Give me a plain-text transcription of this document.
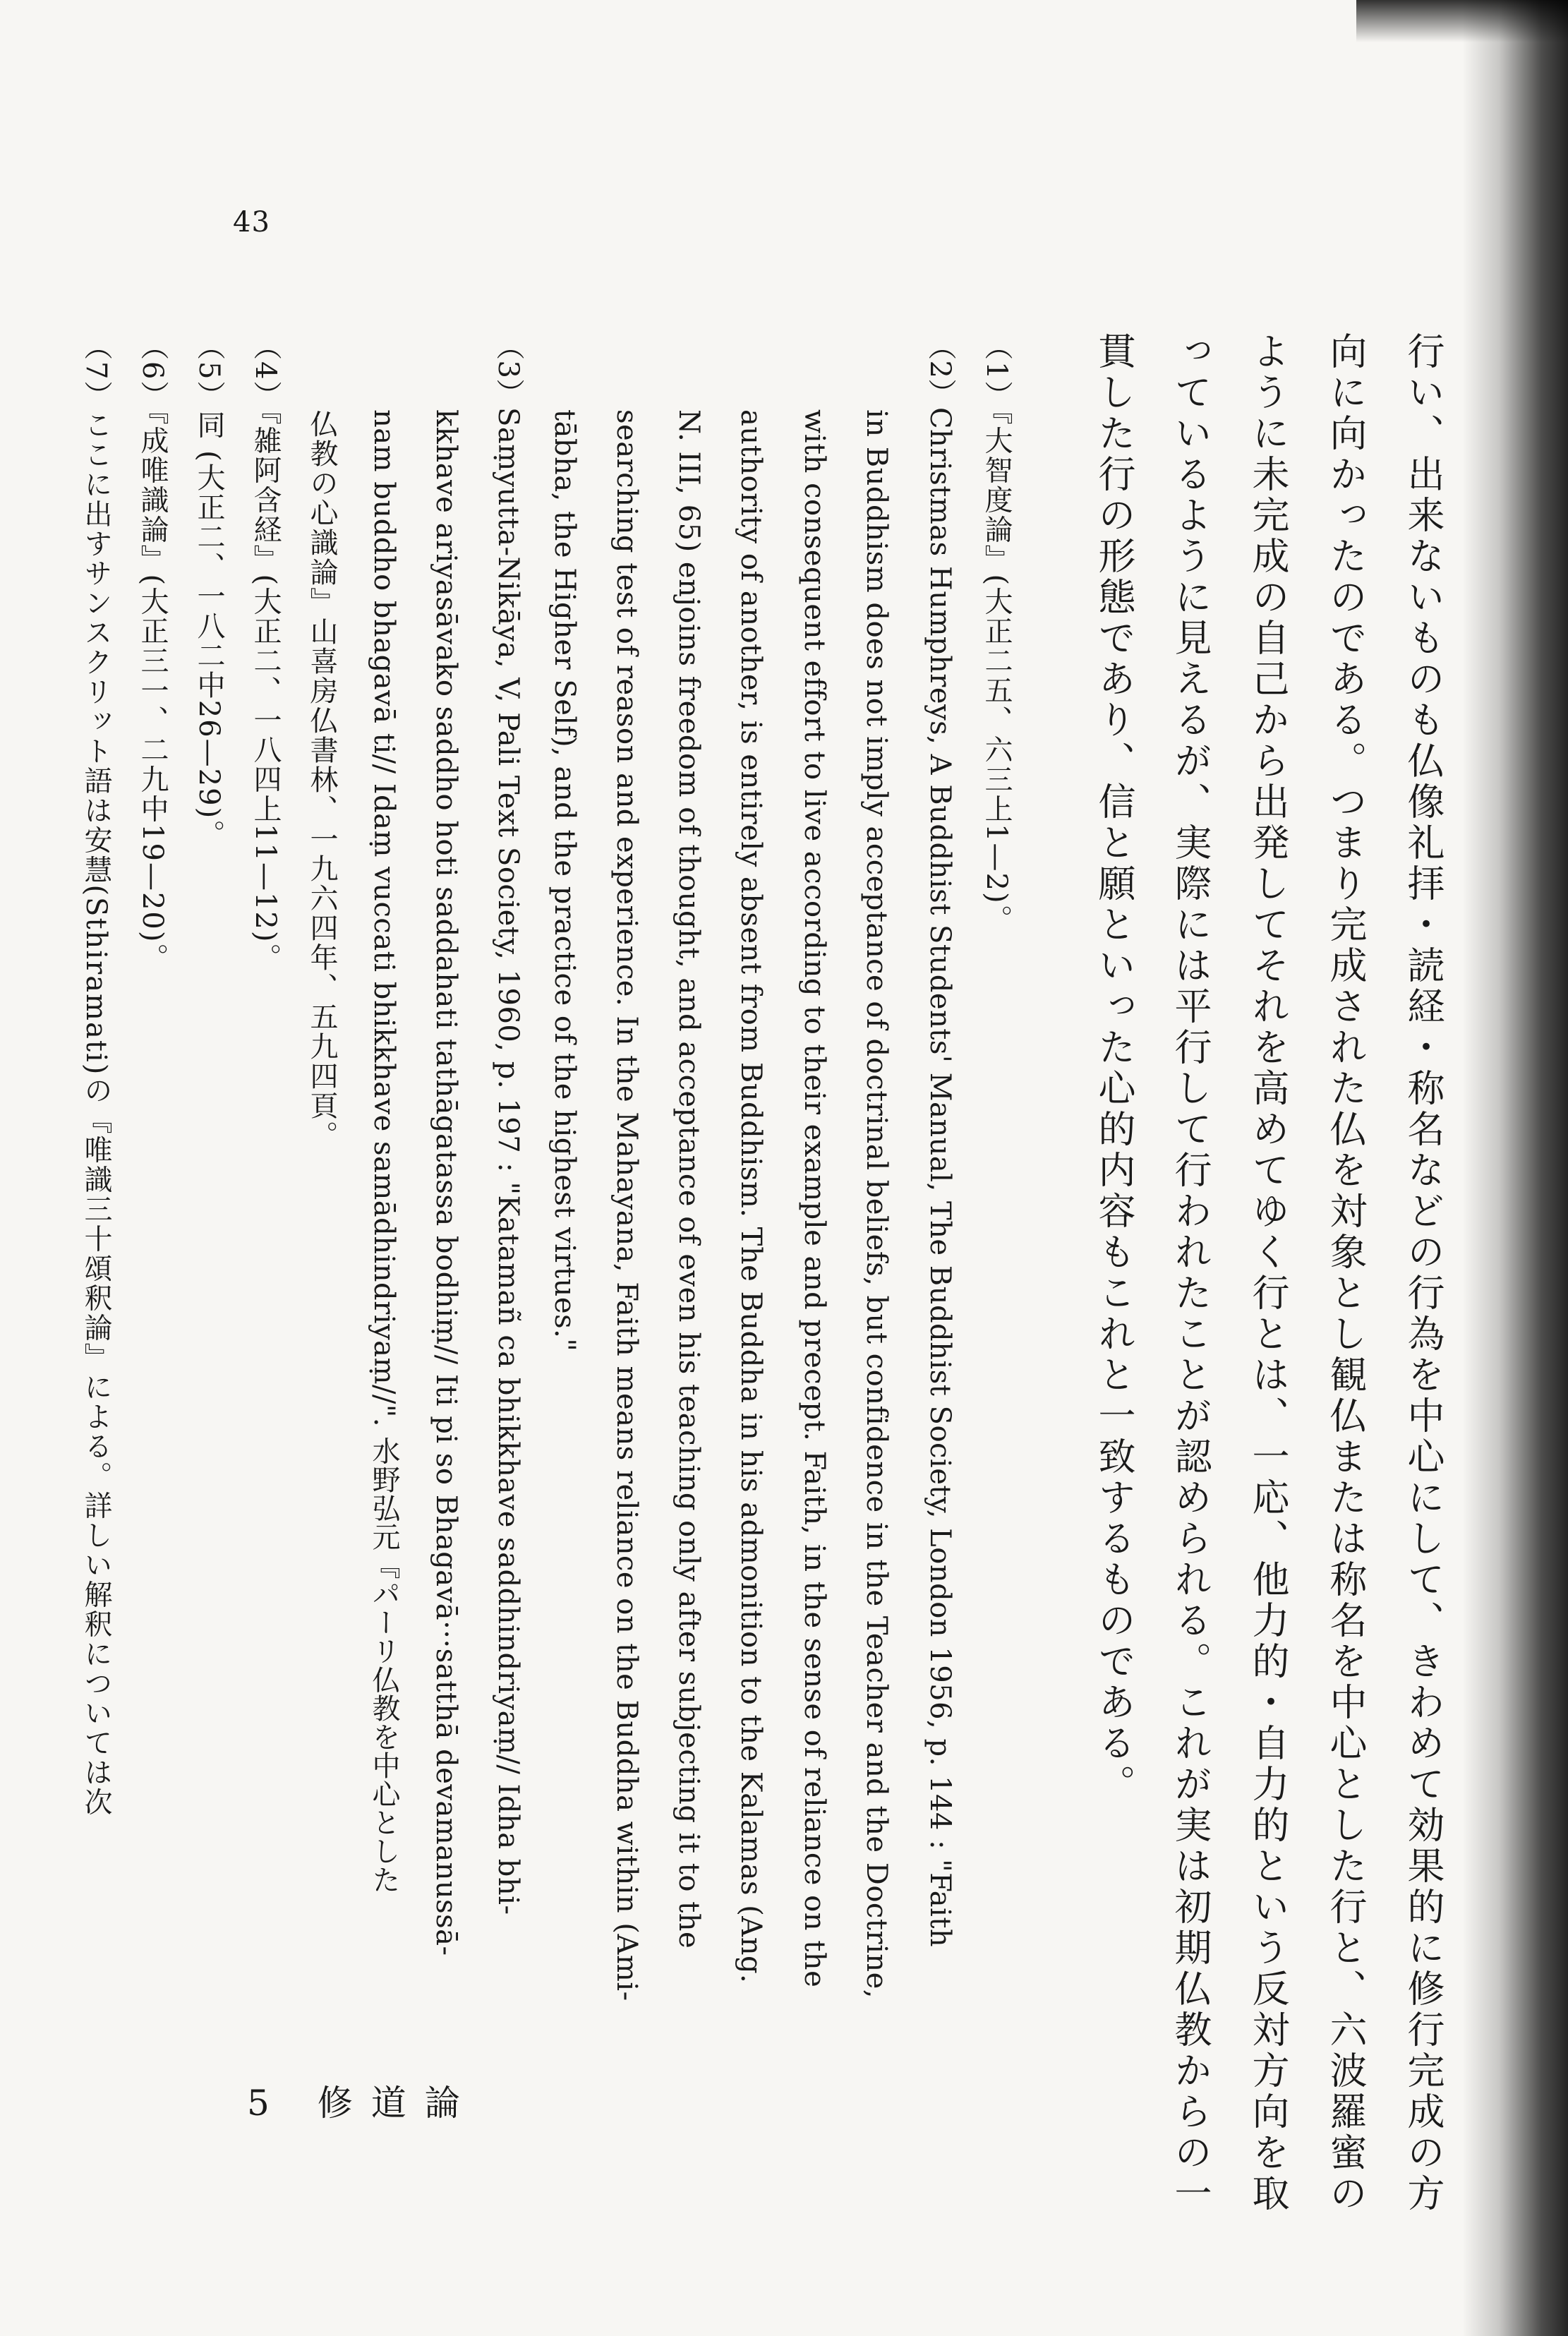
43
行い、出来ないものも仏像礼拝・読経・称名などの行為を中心にして、きわめて効果的に修行完成の方
向に向かったのである。つまり完成された仏を対象とし観仏または称名を中心とした行と、六波羅蜜の
ように未完成の自己から出発してそれを高めてゆく行とは、一応、他力的・自力的という反対方向を取
っているように見えるが、実際には平行して行われたことが認められる。これが実は初期仏教からの一
貫した行の形態であり、信と願といった心的内容もこれと一致するものである。
（1）『大智度論』(大正二五、六三上1—2)。
（2）Christmas Humphreys, A Buddhist Students' Manual, The Buddhist Society, London 1956, p. 144 : "Faith
in Buddhism does not imply acceptance of doctrinal beliefs, but confidence in the Teacher and the Doctrine,
with consequent effort to live according to their example and precept. Faith, in the sense of reliance on the
authority of another, is entirely absent from Buddhism. The Buddha in his admonition to the Kalamas (Ang.
N. III, 65) enjoins freedom of thought, and acceptance of even his teaching only after subjecting it to the
searching test of reason and experience. In the Mahayana, Faith means reliance on the Buddha within (Ami-
tābha, the Higher Self), and the practice of the highest virtues."
（3）Saṃyutta-Nikāya, V, Pali Text Society, 1960, p. 197 : "Katamañ ca bhikkhave saddhindriyaṃ// Idha bhi-
kkhave ariyasāvako saddho hoti saddahati tathāgatassa bodhiṃ// Iti pi so Bhagavā···satthā devamanussā-
nam buddho bhagavā ti// Idaṃ vuccati bhikkhave samādhindriyaṃ//". 水野弘元『パーリ仏教を中心とした
仏教の心識論』山喜房仏書林、一九六四年、五九四頁。
（4）『雑阿含経』(大正二、一八四上11—12)。
（5）同 (大正二、一八二中26—29)。
（6）『成唯識論』(大正三一、二九中19—20)。
（7）ここに出すサンスクリット語は安慧(Sthiramati)の『唯識三十頌釈論』による。詳しい解釈については次
5 修道論
